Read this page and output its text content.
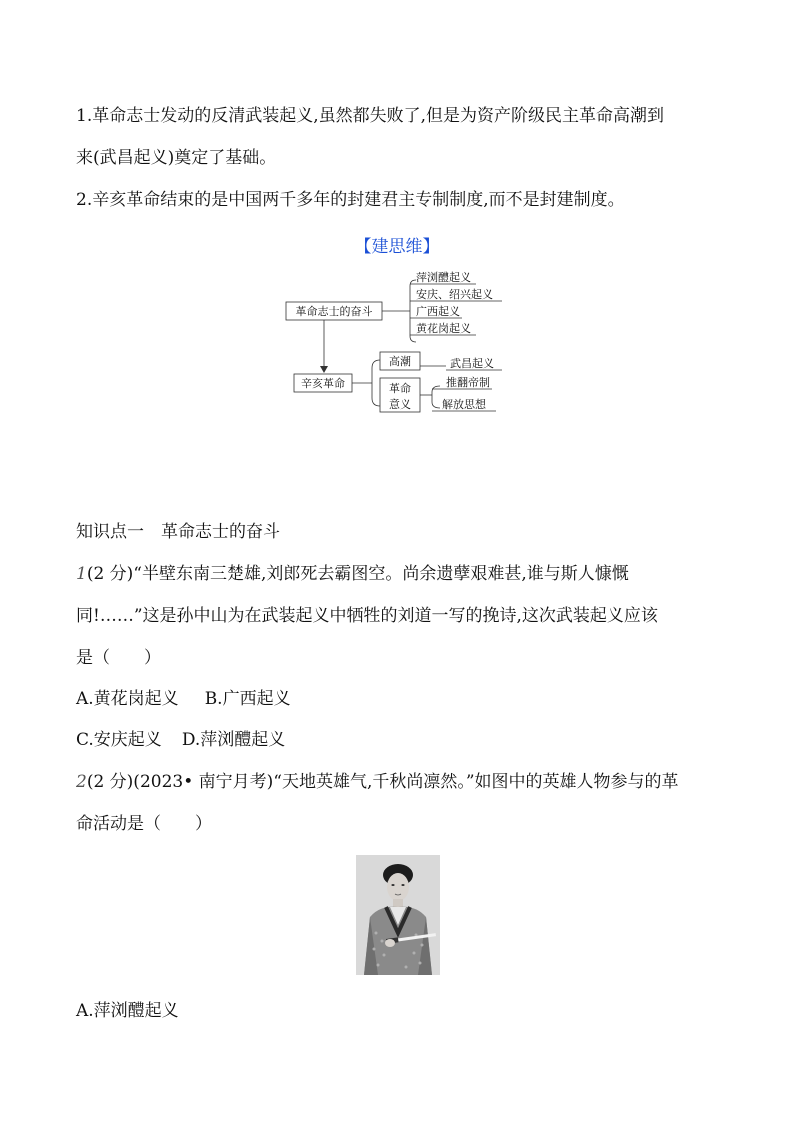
1.革命志士发动的反清武装起义,虽然都失败了,但是为资产阶级民主革命高潮到
来(武昌起义)奠定了基础。
2.辛亥革命结束的是中国两千多年的封建君主专制制度,而不是封建制度。
【建思维】
革命志士的奋斗
萍浏醴起义
安庆、绍兴起义
广西起义
黄花岗起义
辛亥革命
高潮	武昌起义
革命
意义
推翻帝制
解放思想
知识点一　革命志士的奋斗
1(2 分)“半壁东南三楚雄,刘郎死去霸图空。尚余遗孽艰难甚,谁与斯人慷慨
同!……”这是孙中山为在武装起义中牺牲的刘道一写的挽诗,这次武装起义应该
是（　　）
A.黄花岗起义 B.广西起义
C.安庆起义 D.萍浏醴起义
2(2 分)(2023• 南宁月考)“天地英雄气,千秋尚凛然。”如图中的英雄人物参与的革
命活动是（　　）
A.萍浏醴起义
